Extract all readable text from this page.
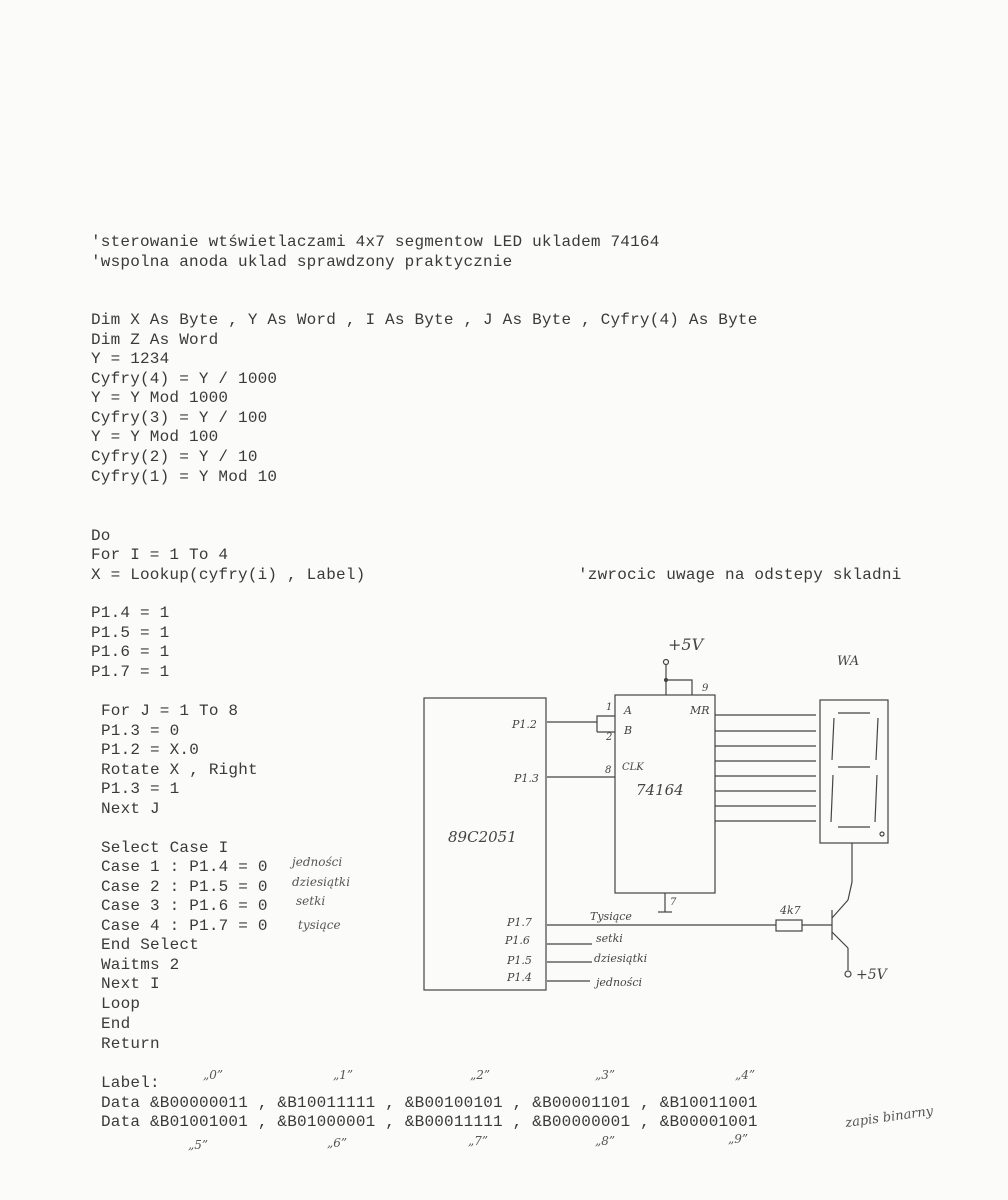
'sterowanie wtświetlaczami 4x7 segmentow LED ukladem 74164
'wspolna anoda uklad sprawdzony praktycznie
Dim X As Byte , Y As Word , I As Byte , J As Byte , Cyfry(4) As Byte
Dim Z As Word
Y = 1234
Cyfry(4) = Y / 1000
Y = Y Mod 1000
Cyfry(3) = Y / 100
Y = Y Mod 100
Cyfry(2) = Y / 10
Cyfry(1) = Y Mod 10
Do
For I = 1 To 4
X = Lookup(cyfry(i) , Label)	'zwrocic uwage na odstepy skladni
P1.4 = 1
P1.5 = 1
P1.6 = 1
P1.7 = 1
For J = 1 To 8
P1.3 = 0
P1.2 = X.0
Rotate X , Right
P1.3 = 1
Next J
Select Case I
Case 1 : P1.4 = 0
Case 2 : P1.5 = 0
Case 3 : P1.6 = 0
Case 4 : P1.7 = 0
End Select
Waitms 2
Next I
Loop
End
Return
jedności
dziesiątki
setki
tysiące
Label:
Data &B00000011 , &B10011111 , &B00100101 , &B00001101 , &B10011001
Data &B01001001 , &B01000001 , &B00011111 , &B00000001 , &B00001001
„0”	„1”	„2”	„3”	„4”
„5”	„6”	„7”	„8”	„9”
zapis binarny
+5V
WA
89C2051
74164
P1.2
P1.3
P1.7
P1.6
P1.5
P1.4
A
B
MR
CLK
1
2
8
9
7
Tysiące
setki
dziesiątki
jedności
4k7
+5V
